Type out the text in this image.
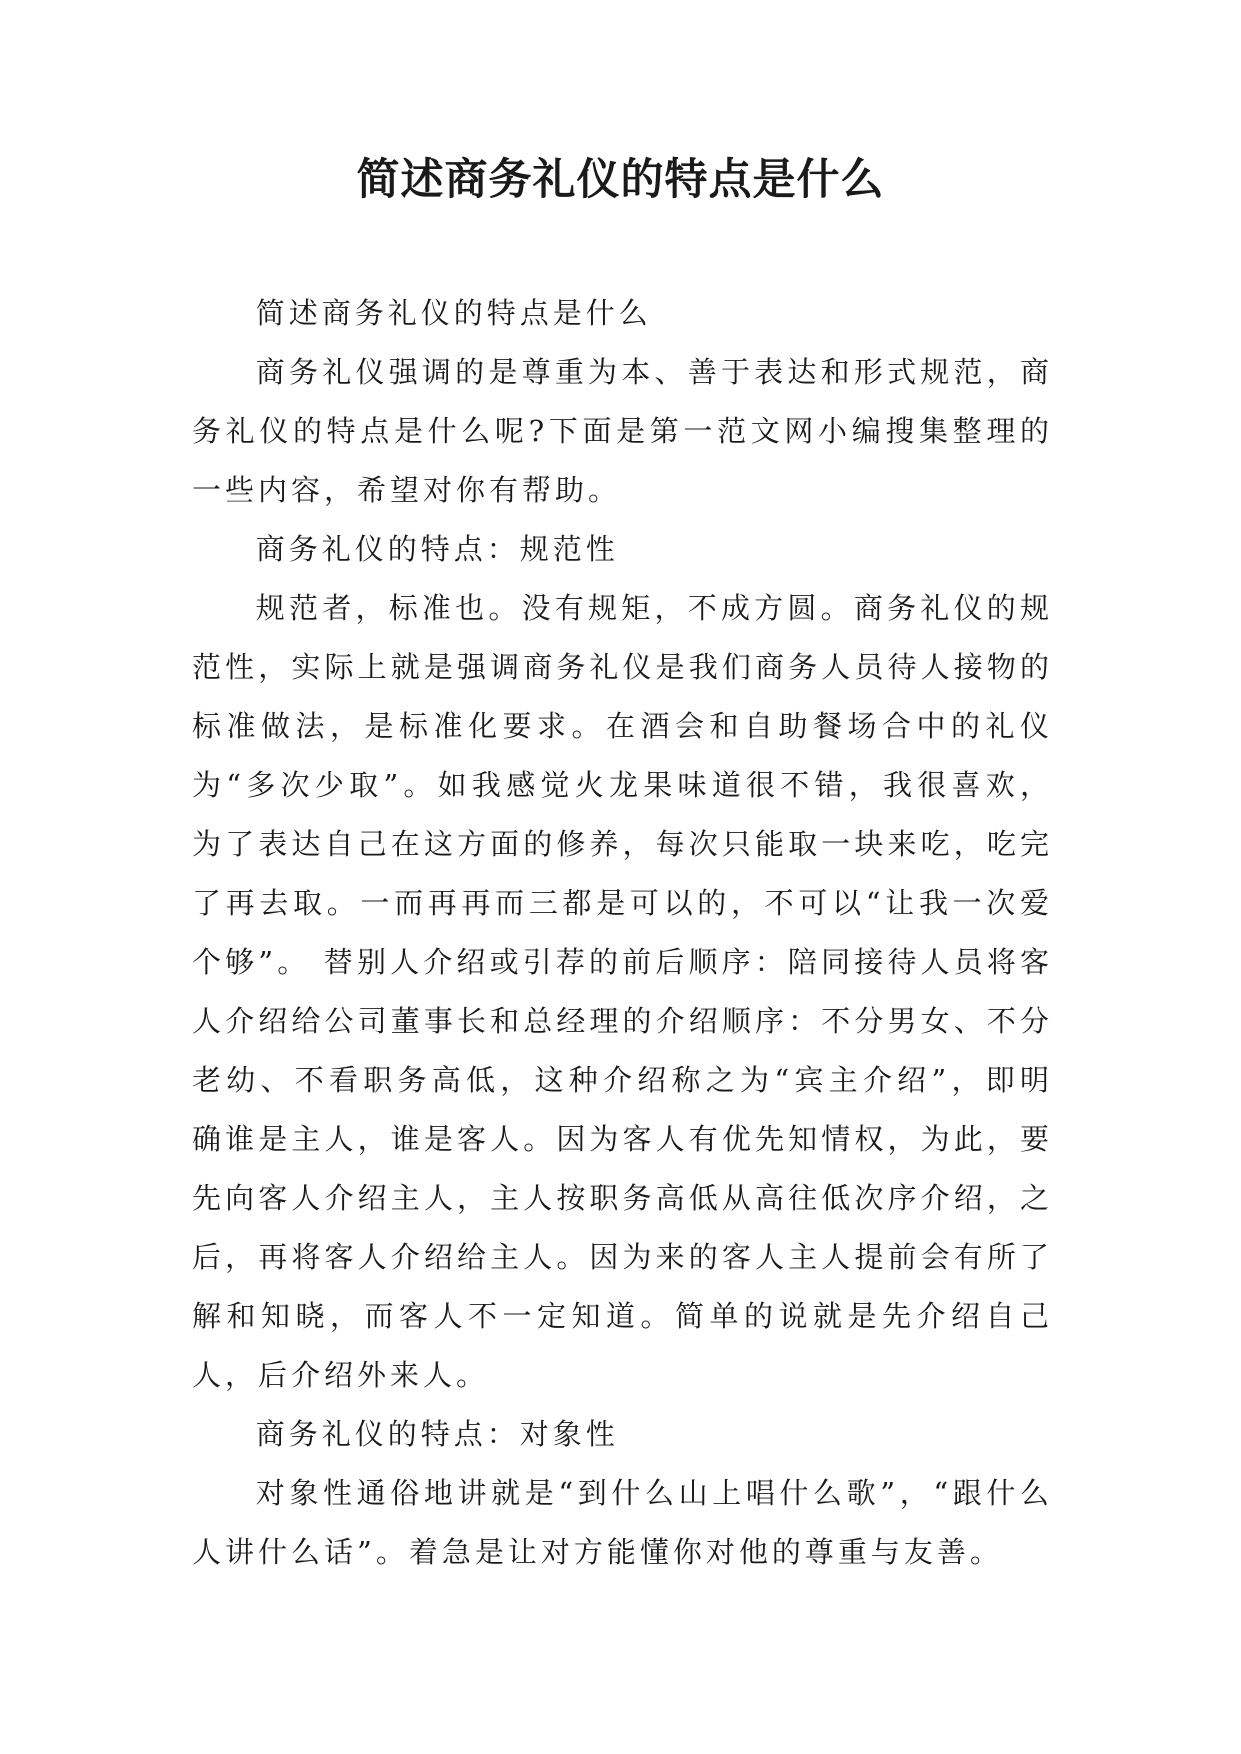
简述商务礼仪的特点是什么

简述商务礼仪的特点是什么

商务礼仪强调的是尊重为本、善于表达和形式规范，商务礼仪的特点是什么呢?下面是第一范文网小编搜集整理的一些内容，希望对你有帮助。

商务礼仪的特点：规范性

规范者，标准也。没有规矩，不成方圆。商务礼仪的规范性，实际上就是强调商务礼仪是我们商务人员待人接物的标准做法，是标准化要求。在酒会和自助餐场合中的礼仪为“多次少取”。如我感觉火龙果味道很不错，我很喜欢，为了表达自己在这方面的修养，每次只能取一块来吃，吃完了再去取。一而再再而三都是可以的，不可以“让我一次爱个够”。 替别人介绍或引荐的前后顺序：陪同接待人员将客人介绍给公司董事长和总经理的介绍顺序：不分男女、不分老幼、不看职务高低，这种介绍称之为“宾主介绍”，即明确谁是主人，谁是客人。因为客人有优先知情权，为此，要先向客人介绍主人，主人按职务高低从高往低次序介绍，之后，再将客人介绍给主人。因为来的客人主人提前会有所了解和知晓，而客人不一定知道。简单的说就是先介绍自己人，后介绍外来人。

商务礼仪的特点：对象性

对象性通俗地讲就是“到什么山上唱什么歌”，“跟什么人讲什么话”。着急是让对方能懂你对他的尊重与友善。
